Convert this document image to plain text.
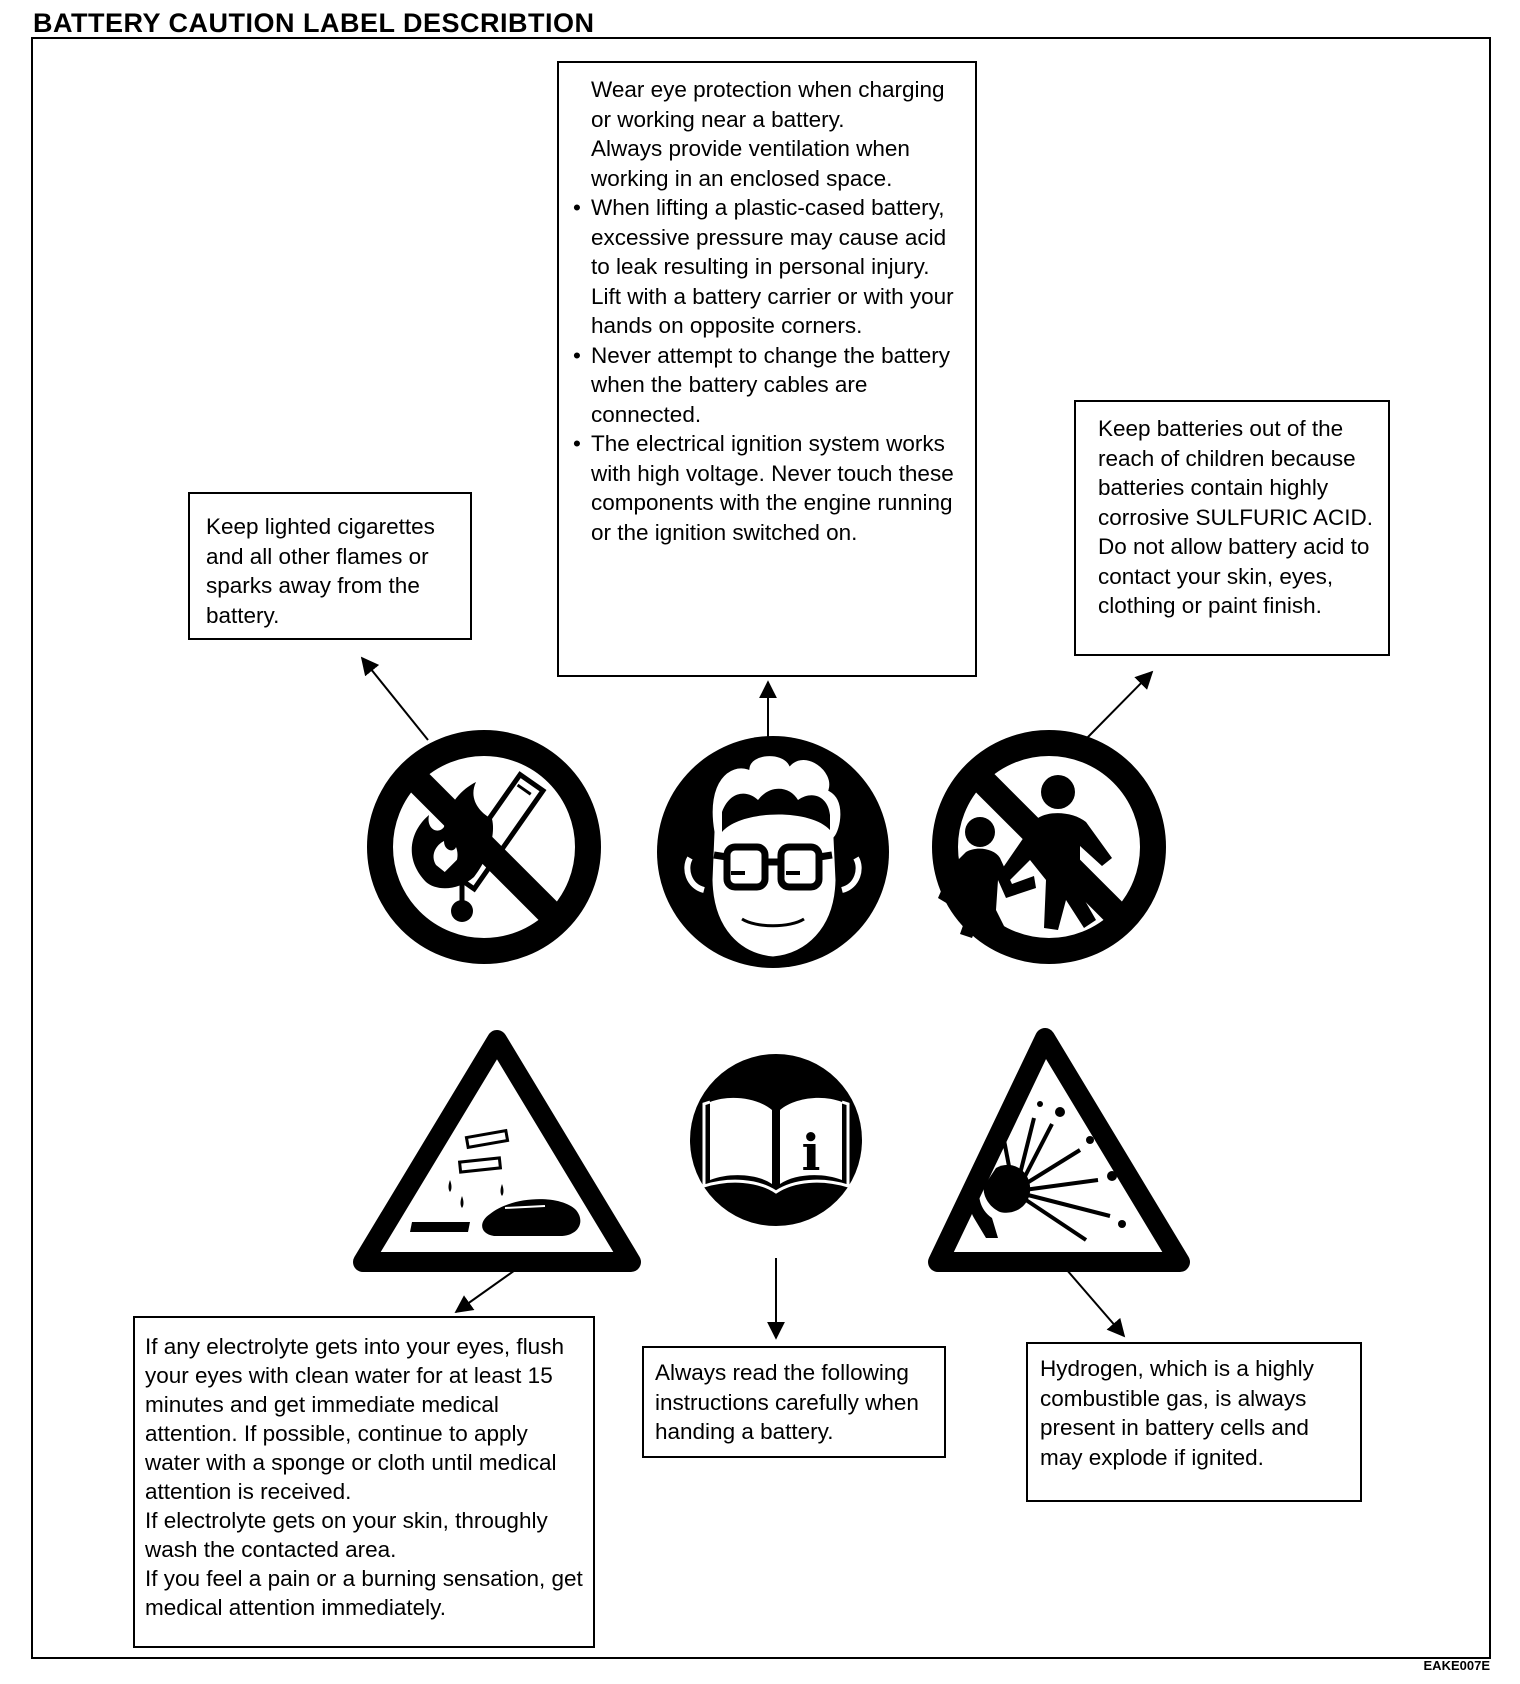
BATTERY CAUTION LABEL DESCRIBTION

Keep lighted cigarettes and all other flames or sparks away from the battery.

Wear eye protection when charging or working near a battery.

Always provide ventilation when working in an enclosed space.

• When lifting a plastic-cased battery, excessive pressure may cause acid to leak resulting in personal injury. Lift with a battery carrier or with your hands on opposite corners.
• Never attempt to change the battery when the battery cables are connected.
• The electrical ignition system works with high voltage. Never touch these components with the engine running or the ignition switched on.

Keep batteries out of the reach of children because batteries contain highly corrosive SULFURIC ACID. Do not allow battery acid to contact your skin, eyes, clothing or paint finish.

If any electrolyte gets into your eyes, flush your eyes with clean water for at least 15 minutes and get immediate medical attention. If possible, continue to apply water with a sponge or cloth until medical attention is received.

If electrolyte gets on your skin, throughly wash the contacted area.

If you feel a pain or a burning sensation, get medical attention immediately.

Always read the following instructions carefully when handing a battery.

Hydrogen, which is a highly combustible gas, is always present in battery cells and may explode if ignited.

EAKE007E
i
